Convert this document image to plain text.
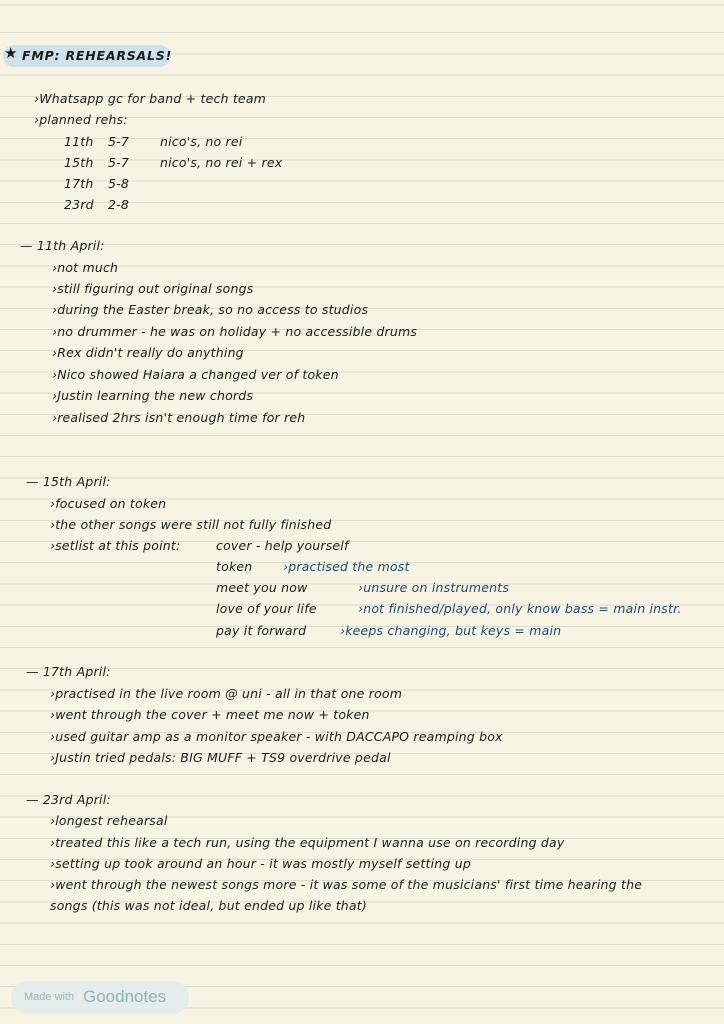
★ FMP: REHEARSALS!
›Whatsapp gc for band + tech team
›planned rehs:
11th 5-7 nico's, no rei
15th 5-7 nico's, no rei + rex
17th 5-8
23rd 2-8
— 11th April:
›not much
›still figuring out original songs
›during the Easter break, so no access to studios
›no drummer - he was on holiday + no accessible drums
›Rex didn't really do anything
›Nico showed Haiara a changed ver of token
›Justin learning the new chords
›realised 2hrs isn't enough time for reh
— 15th April:
›focused on token
›the other songs were still not fully finished
›setlist at this point:	cover - help yourself
token ›practised the most
meet you now	›unsure on instruments
love of your life	›not finished/played, only know bass = main instr.
pay it forward	›keeps changing, but keys = main
— 17th April:
›practised in the live room @ uni - all in that one room
›went through the cover + meet me now + token
›used guitar amp as a monitor speaker - with DACCAPO reamping box
›Justin tried pedals: BIG MUFF + TS9 overdrive pedal
— 23rd April:
›longest rehearsal
›treated this like a tech run, using the equipment I wanna use on recording day
›setting up took around an hour - it was mostly myself setting up
›went through the newest songs more - it was some of the musicians' first time hearing the
songs (this was not ideal, but ended up like that)
Made with Goodnotes
